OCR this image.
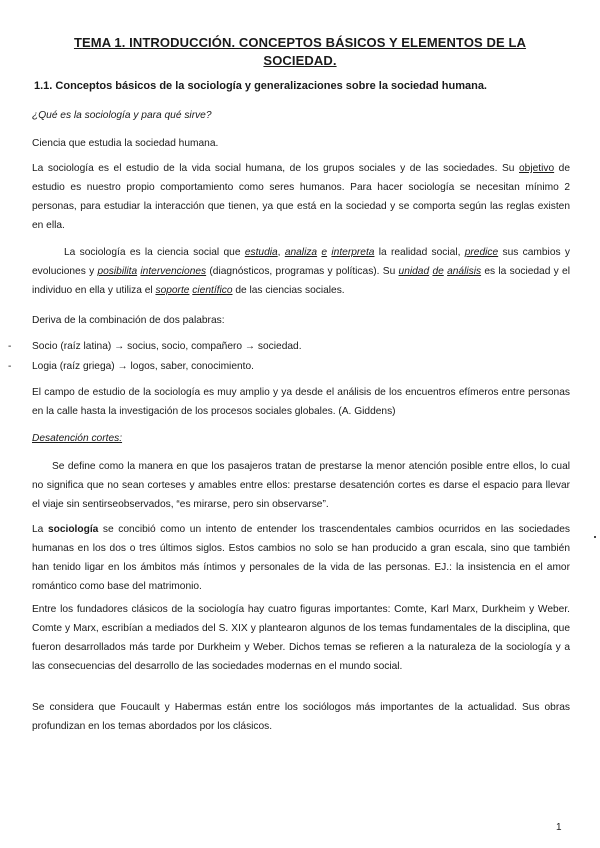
TEMA 1. INTRODUCCIÓN. CONCEPTOS BÁSICOS Y ELEMENTOS DE LA SOCIEDAD.
1.1. Conceptos básicos de la sociología y generalizaciones sobre la sociedad humana.
¿Qué es la sociología y para qué sirve?
Ciencia que estudia la sociedad humana.
La sociología es el estudio de la vida social humana, de los grupos sociales y de las sociedades. Su objetivo de estudio es nuestro propio comportamiento como seres humanos. Para hacer sociología se necesitan mínimo 2 personas, para estudiar la interacción que tienen, ya que está en la sociedad y se comporta según las reglas existen en ella.
La sociología es la ciencia social que estudia, analiza e interpreta la realidad social, predice sus cambios y evoluciones y posibilita intervenciones (diagnósticos, programas y políticas). Su unidad de análisis es la sociedad y el individuo en ella y utiliza el soporte científico de las ciencias sociales.
Deriva de la combinación de dos palabras:
- Socio (raíz latina) → socius, socio, compañero → sociedad.
- Logia (raíz griega) → logos, saber, conocimiento.
El campo de estudio de la sociología es muy amplio y ya desde el análisis de los encuentros efímeros entre personas en la calle hasta la investigación de los procesos sociales globales. (A. Giddens)
Desatención cortes:
Se define como la manera en que los pasajeros tratan de prestarse la menor atención posible entre ellos, lo cual no significa que no sean corteses y amables entre ellos: prestarse desatención cortes es darse el espacio para llevar el viaje sin sentirseobservados, “es mirarse, pero sin observarse”.
La sociología se concibió como un intento de entender los trascendentales cambios ocurridos en las sociedades humanas en los dos o tres últimos siglos. Estos cambios no solo se han producido a gran escala, sino que también han tenido ligar en los ámbitos más íntimos y personales de la vida de las personas. EJ.: la insistencia en el amor romántico como base del matrimonio.
Entre los fundadores clásicos de la sociología hay cuatro figuras importantes: Comte, Karl Marx, Durkheim y Weber. Comte y Marx, escribían a mediados del S. XIX y plantearon algunos de los temas fundamentales de la disciplina, que fueron desarrollados más tarde por Durkheim y Weber. Dichos temas se refieren a la naturaleza de la sociología y a las consecuencias del desarrollo de las sociedades modernas en el mundo social.
Se considera que Foucault y Habermas están entre los sociólogos más importantes de la actualidad. Sus obras profundizan en los temas abordados por los clásicos.
1
